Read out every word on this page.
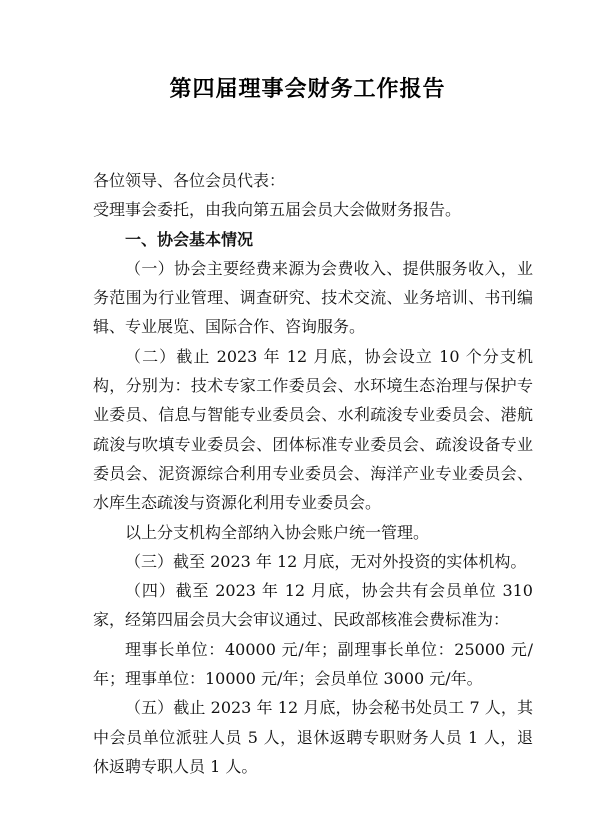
第四届理事会财务工作报告

各位领导、各位会员代表：

受理事会委托，由我向第五届会员大会做财务报告。

一、协会基本情况

（一）协会主要经费来源为会费收入、提供服务收入，业务范围为行业管理、调查研究、技术交流、业务培训、书刊编辑、专业展览、国际合作、咨询服务。

（二）截止 2023 年 12 月底，协会设立 10 个分支机构，分别为：技术专家工作委员会、水环境生态治理与保护专业委员、信息与智能专业委员会、水利疏浚专业委员会、港航疏浚与吹填专业委员会、团体标准专业委员会、疏浚设备专业委员会、泥资源综合利用专业委员会、海洋产业专业委员会、水库生态疏浚与资源化利用专业委员会。

以上分支机构全部纳入协会账户统一管理。

（三）截至 2023 年 12 月底，无对外投资的实体机构。

（四）截至 2023 年 12 月底，协会共有会员单位 310 家，经第四届会员大会审议通过、民政部核准会费标准为：

理事长单位：40000 元/年；副理事长单位：25000 元/年；理事单位：10000 元/年；会员单位 3000 元/年。

（五）截止 2023 年 12 月底，协会秘书处员工 7 人，其中会员单位派驻人员 5 人，退休返聘专职财务人员 1 人，退休返聘专职人员 1 人。
